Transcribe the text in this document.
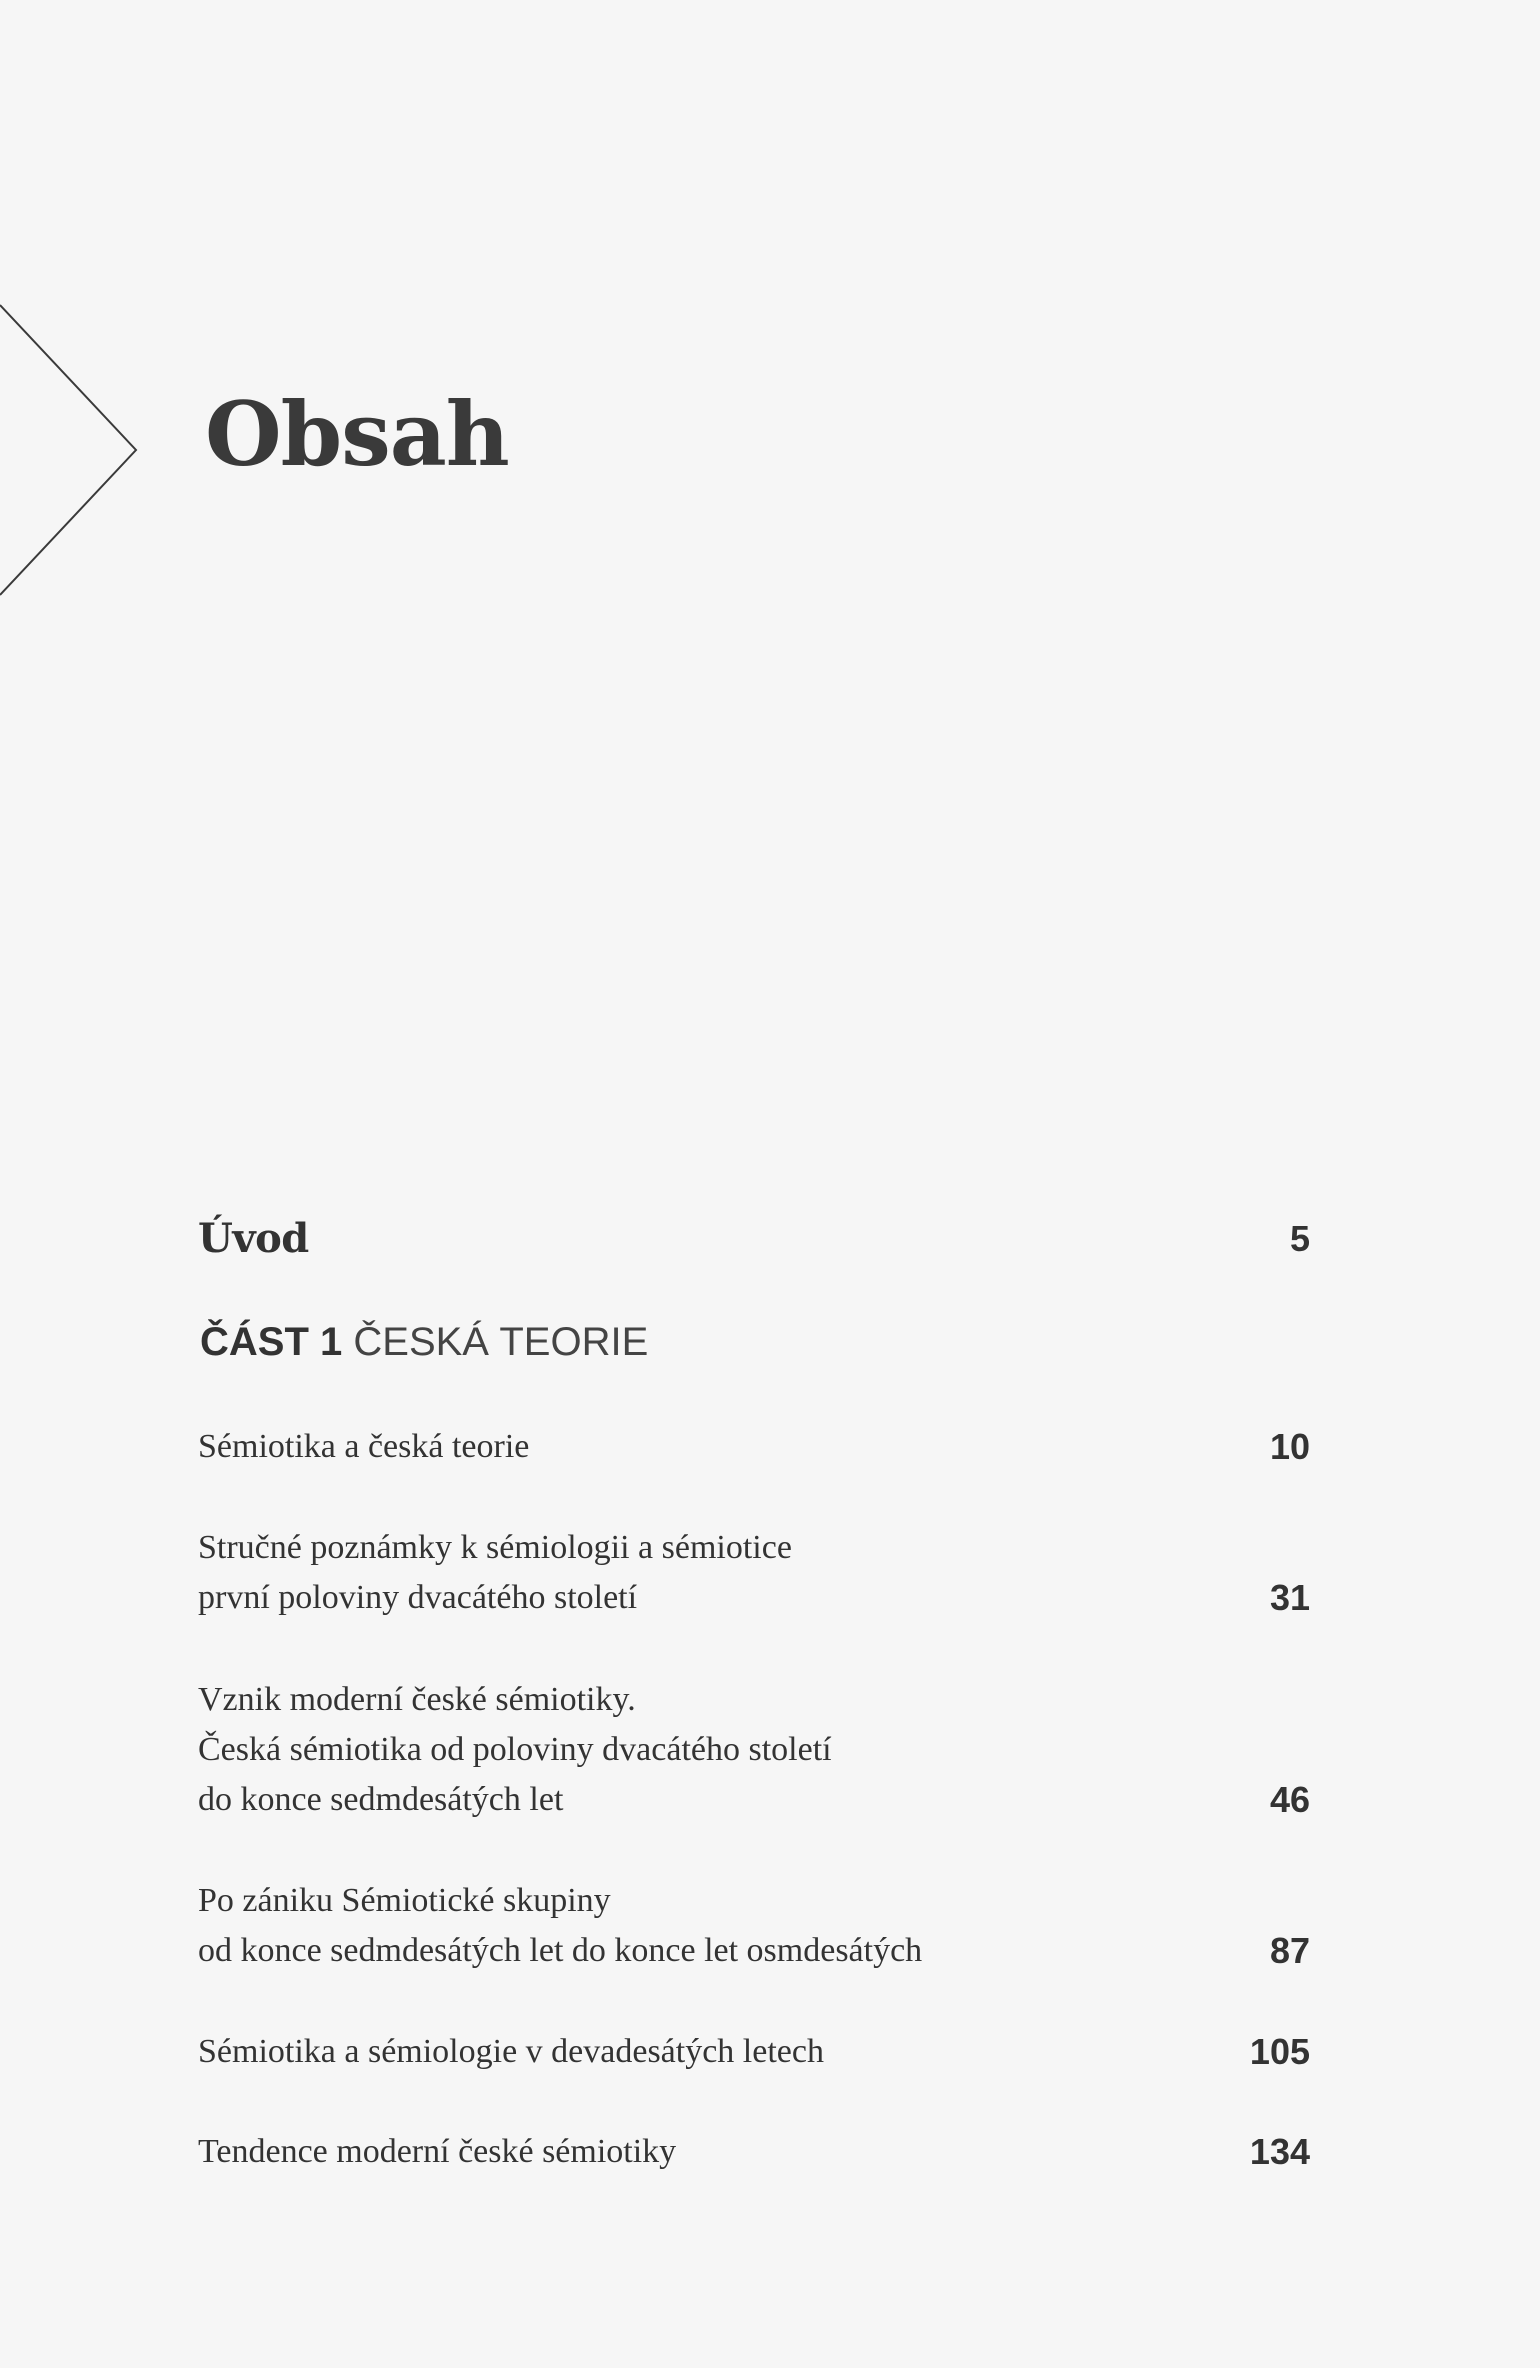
Obsah
Úvod	5
ČÁST 1 ČESKÁ TEORIE
Sémiotika a česká teorie	10
Stručné poznámky k sémiologii a sémiotice
první poloviny dvacátého století	31
Vznik moderní české sémiotiky.
Česká sémiotika od poloviny dvacátého století
do konce sedmdesátých let	46
Po zániku Sémiotické skupiny
od konce sedmdesátých let do konce let osmdesátých	87
Sémiotika a sémiologie v devadesátých letech	105
Tendence moderní české sémiotiky	134
